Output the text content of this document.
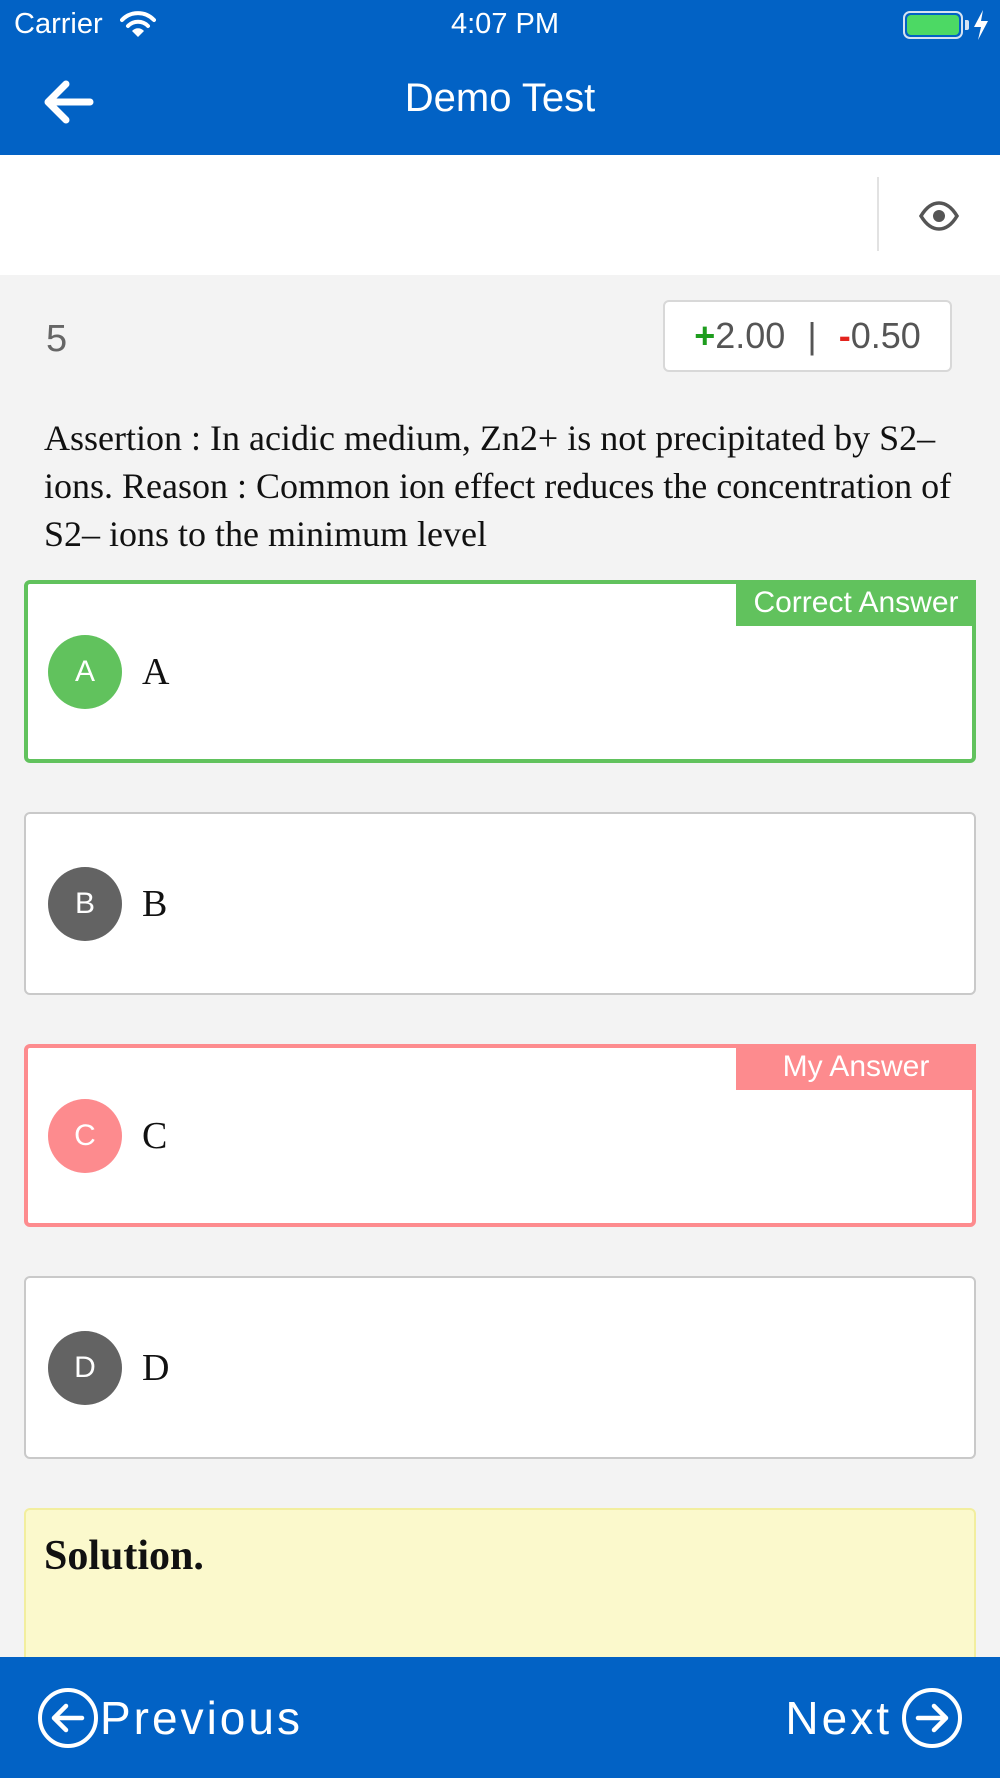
Carrier	4:07 PM
Demo Test
5	+ 2.00 | - 0.50
Assertion : In acidic medium, Zn2+ is not precipitated by S2– ions. Reason : Common ion effect reduces the concentration of S2– ions to the minimum level
Correct Answer
A	A
B	B
My Answer
C	C
D	D
Solution.
Previous	Next
